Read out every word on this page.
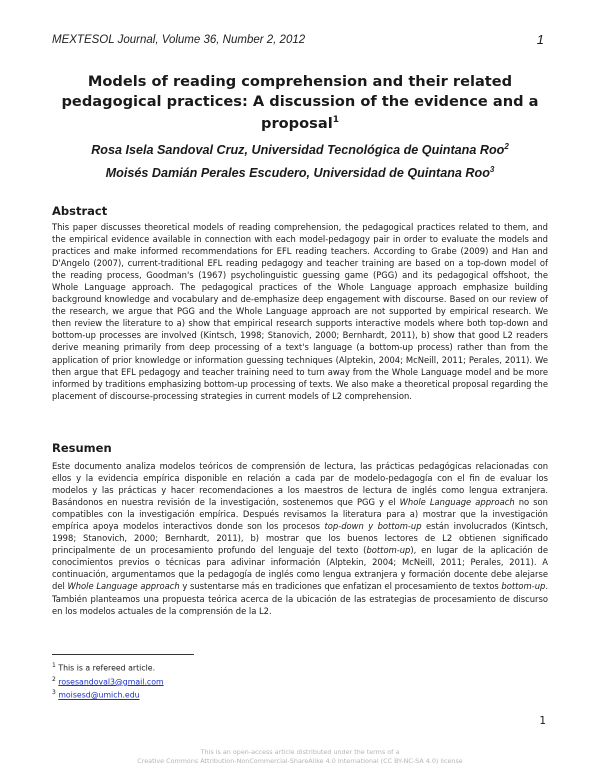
MEXTESOL Journal, Volume 36, Number 2, 2012	1
Models of reading comprehension and their related pedagogical practices: A discussion of the evidence and a proposal$^1$
Rosa Isela Sandoval Cruz, Universidad Tecnológica de Quintana Roo$^2$
Moisés Damián Perales Escudero, Universidad de Quintana Roo$^3$
Abstract

This paper discusses theoretical models of reading comprehension, the pedagogical practices related to them, and the empirical evidence available in connection with each model-pedagogy pair in order to evaluate the models and practices and make informed recommendations for EFL reading teachers. According to Grabe (2009) and Han and D'Angelo (2007), current-traditional EFL reading pedagogy and teacher training are based on a top-down model of the reading process, Goodman's (1967) psycholinguistic guessing game (PGG) and its pedagogical offshoot, the Whole Language approach. The pedagogical practices of the Whole Language approach emphasize building background knowledge and vocabulary and de-emphasize deep engagement with discourse. Based on our review of the research, we argue that PGG and the Whole Language approach are not supported by empirical research. We then review the literature to a) show that empirical research supports interactive models where both top-down and bottom-up processes are involved (Kintsch, 1998; Stanovich, 2000; Bernhardt, 2011), b) show that good L2 readers derive meaning primarily from deep processing of a text's language (a bottom-up process) rather than from the application of prior knowledge or information guessing techniques (Alptekin, 2004; McNeill, 2011; Perales, 2011). We then argue that EFL pedagogy and teacher training need to turn away from the Whole Language model and be more informed by traditions emphasizing bottom-up processing of texts. We also make a theoretical proposal regarding the placement of discourse-processing strategies in current models of L2 comprehension.

Resumen

Este documento analiza modelos teóricos de comprensión de lectura, las prácticas pedagógicas relacionadas con ellos y la evidencia empírica disponible en relación a cada par de modelo-pedagogía con el fin de evaluar los modelos y las prácticas y hacer recomendaciones a los maestros de lectura de inglés como lengua extranjera. Basándonos en nuestra revisión de la investigación, sostenemos que PGG y el Whole Language approach no son compatibles con la investigación empírica. Después revisamos la literatura para a) mostrar que la investigación empírica apoya modelos interactivos donde son los procesos top-down y bottom-up están involucrados (Kintsch, 1998; Stanovich, 2000; Bernhardt, 2011), b) mostrar que los buenos lectores de L2 obtienen significado principalmente de un procesamiento profundo del lenguaje del texto (bottom-up), en lugar de la aplicación de conocimientos previos o técnicas para adivinar información (Alptekin, 2004; McNeill, 2011; Perales, 2011). A continuación, argumentamos que la pedagogía de inglés como lengua extranjera y formación docente debe alejarse del Whole Language approach y sustentarse más en tradiciones que enfatizan el procesamiento de textos bottom-up. También planteamos una propuesta teórica acerca de la ubicación de las estrategias de procesamiento de discurso en los modelos actuales de la comprensión de la L2.

$^1$ This is a refereed article.
$^2$ rosesandoval3@gmail.com
$^3$ moisesd@umich.edu
1
This is an open-access article distributed under the terms of a
Creative Commons Attribution-NonCommercial-ShareAlike 4.0 International (CC BY-NC-SA 4.0) license
